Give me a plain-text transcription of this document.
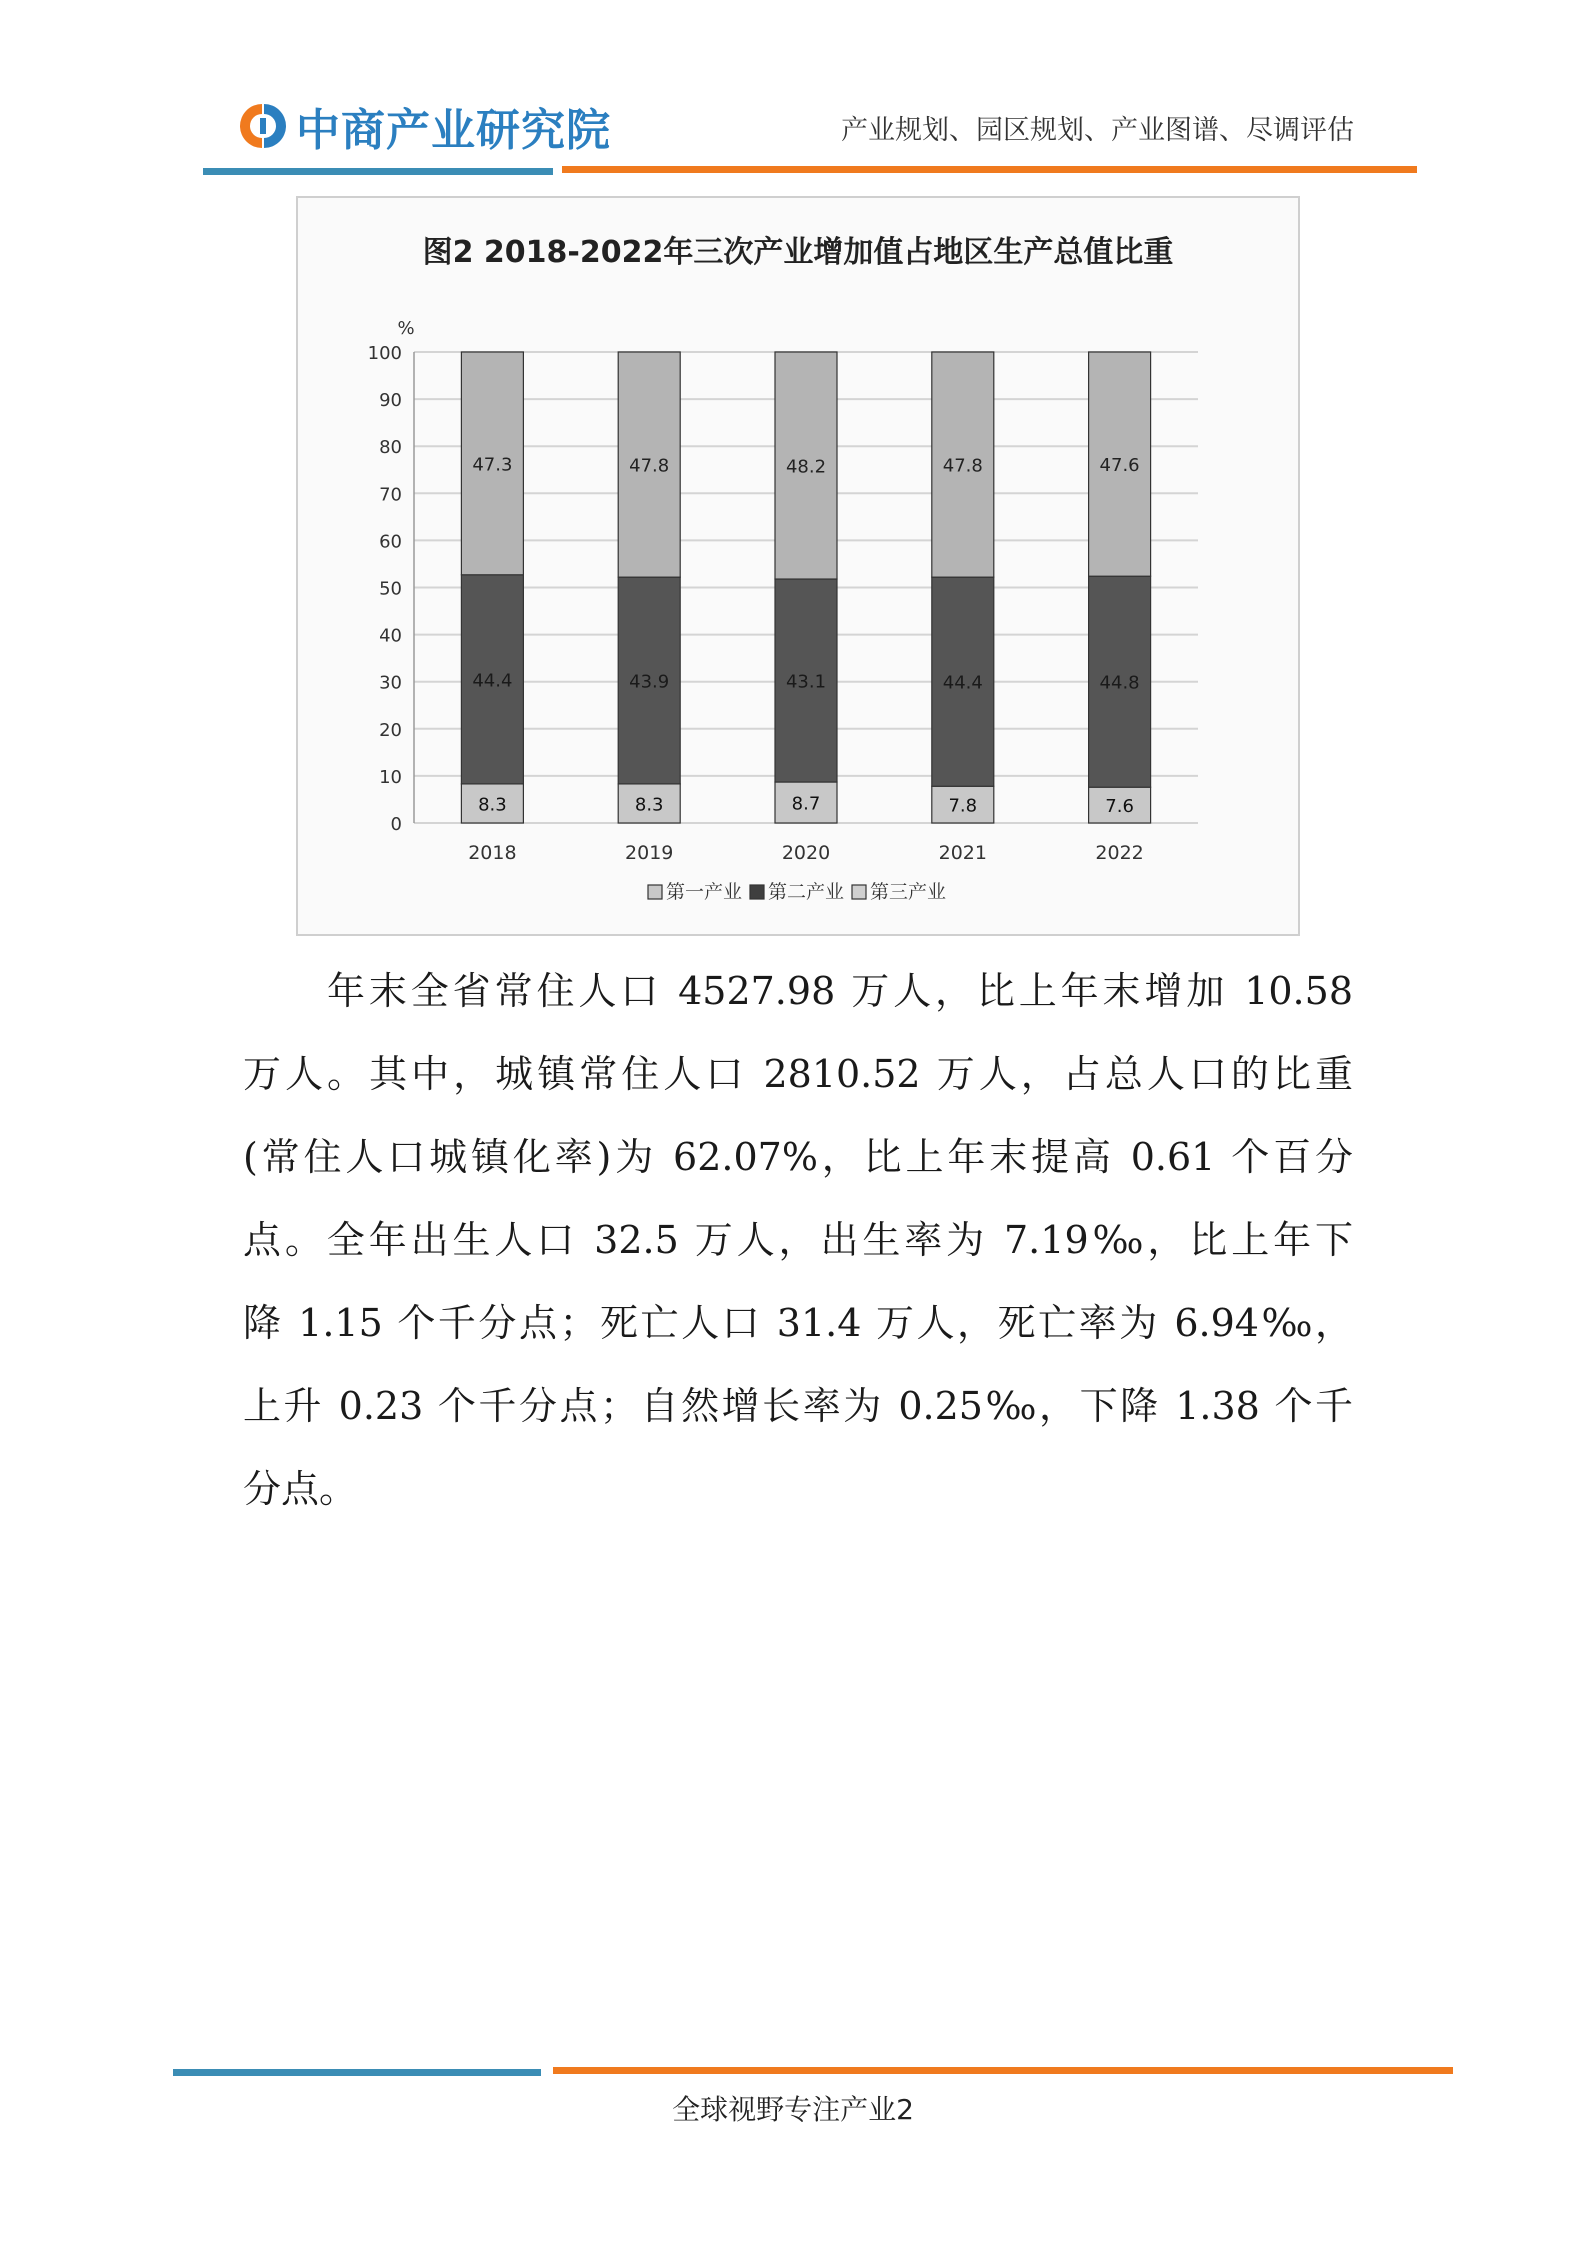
中商产业研究院	产业规划、园区规划、产业图谱、尽调评估
图2 2018-2022年三次产业增加值占地区生产总值比重
%
0
10
20
30
40
50
60
70
80
90
100
8.3
44.4
47.3
8.3
43.9
47.8
8.7
43.1
48.2
7.8
44.4
47.8
7.6
44.8
47.6
2018	2019	2020	2021	2022
第一产业 第二产业 第三产业
年末全省常住人口 4527.98 万人，比上年末增加 10.58
万人。其中，城镇常住人口 2810.52 万人，占总人口的比重
(常住人口城镇化率)为 62.07%，比上年末提高 0.61 个百分
点。全年出生人口 32.5 万人，出生率为 7.19‰，比上年下
降 1.15 个千分点；死亡人口 31.4 万人，死亡率为 6.94‰，
上升 0.23 个千分点；自然增长率为 0.25‰，下降 1.38 个千
分点。
全球视野专注产业2
